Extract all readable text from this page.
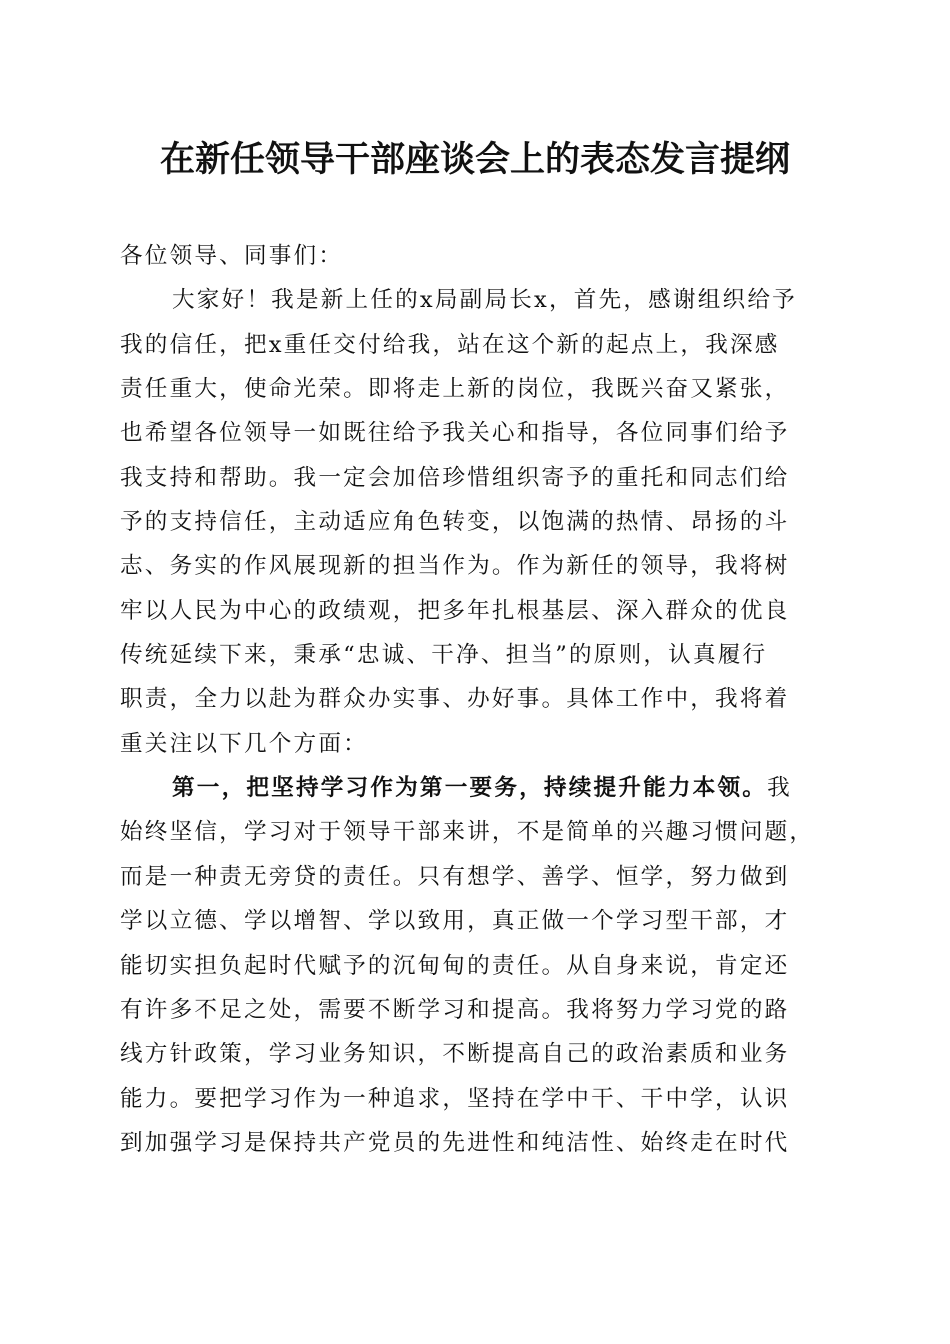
在新任领导干部座谈会上的表态发言提纲
各位领导、同事们：
大家好！我是新上任的x局副局长x，首先，感谢组织给予
我的信任，把x重任交付给我，站在这个新的起点上，我深感
责任重大，使命光荣。即将走上新的岗位，我既兴奋又紧张，
也希望各位领导一如既往给予我关心和指导，各位同事们给予
我支持和帮助。我一定会加倍珍惜组织寄予的重托和同志们给
予的支持信任，主动适应角色转变，以饱满的热情、昂扬的斗
志、务实的作风展现新的担当作为。作为新任的领导，我将树
牢以人民为中心的政绩观，把多年扎根基层、深入群众的优良
传统延续下来，秉承“忠诚、干净、担当”的原则，认真履行
职责，全力以赴为群众办实事、办好事。具体工作中，我将着
重关注以下几个方面：
第一，把坚持学习作为第一要务，持续提升能力本领。我
始终坚信，学习对于领导干部来讲，不是简单的兴趣习惯问题，
而是一种责无旁贷的责任。只有想学、善学、恒学，努力做到
学以立德、学以增智、学以致用，真正做一个学习型干部，才
能切实担负起时代赋予的沉甸甸的责任。从自身来说，肯定还
有许多不足之处，需要不断学习和提高。我将努力学习党的路
线方针政策，学习业务知识，不断提高自己的政治素质和业务
能力。要把学习作为一种追求，坚持在学中干、干中学，认识
到加强学习是保持共产党员的先进性和纯洁性、始终走在时代
